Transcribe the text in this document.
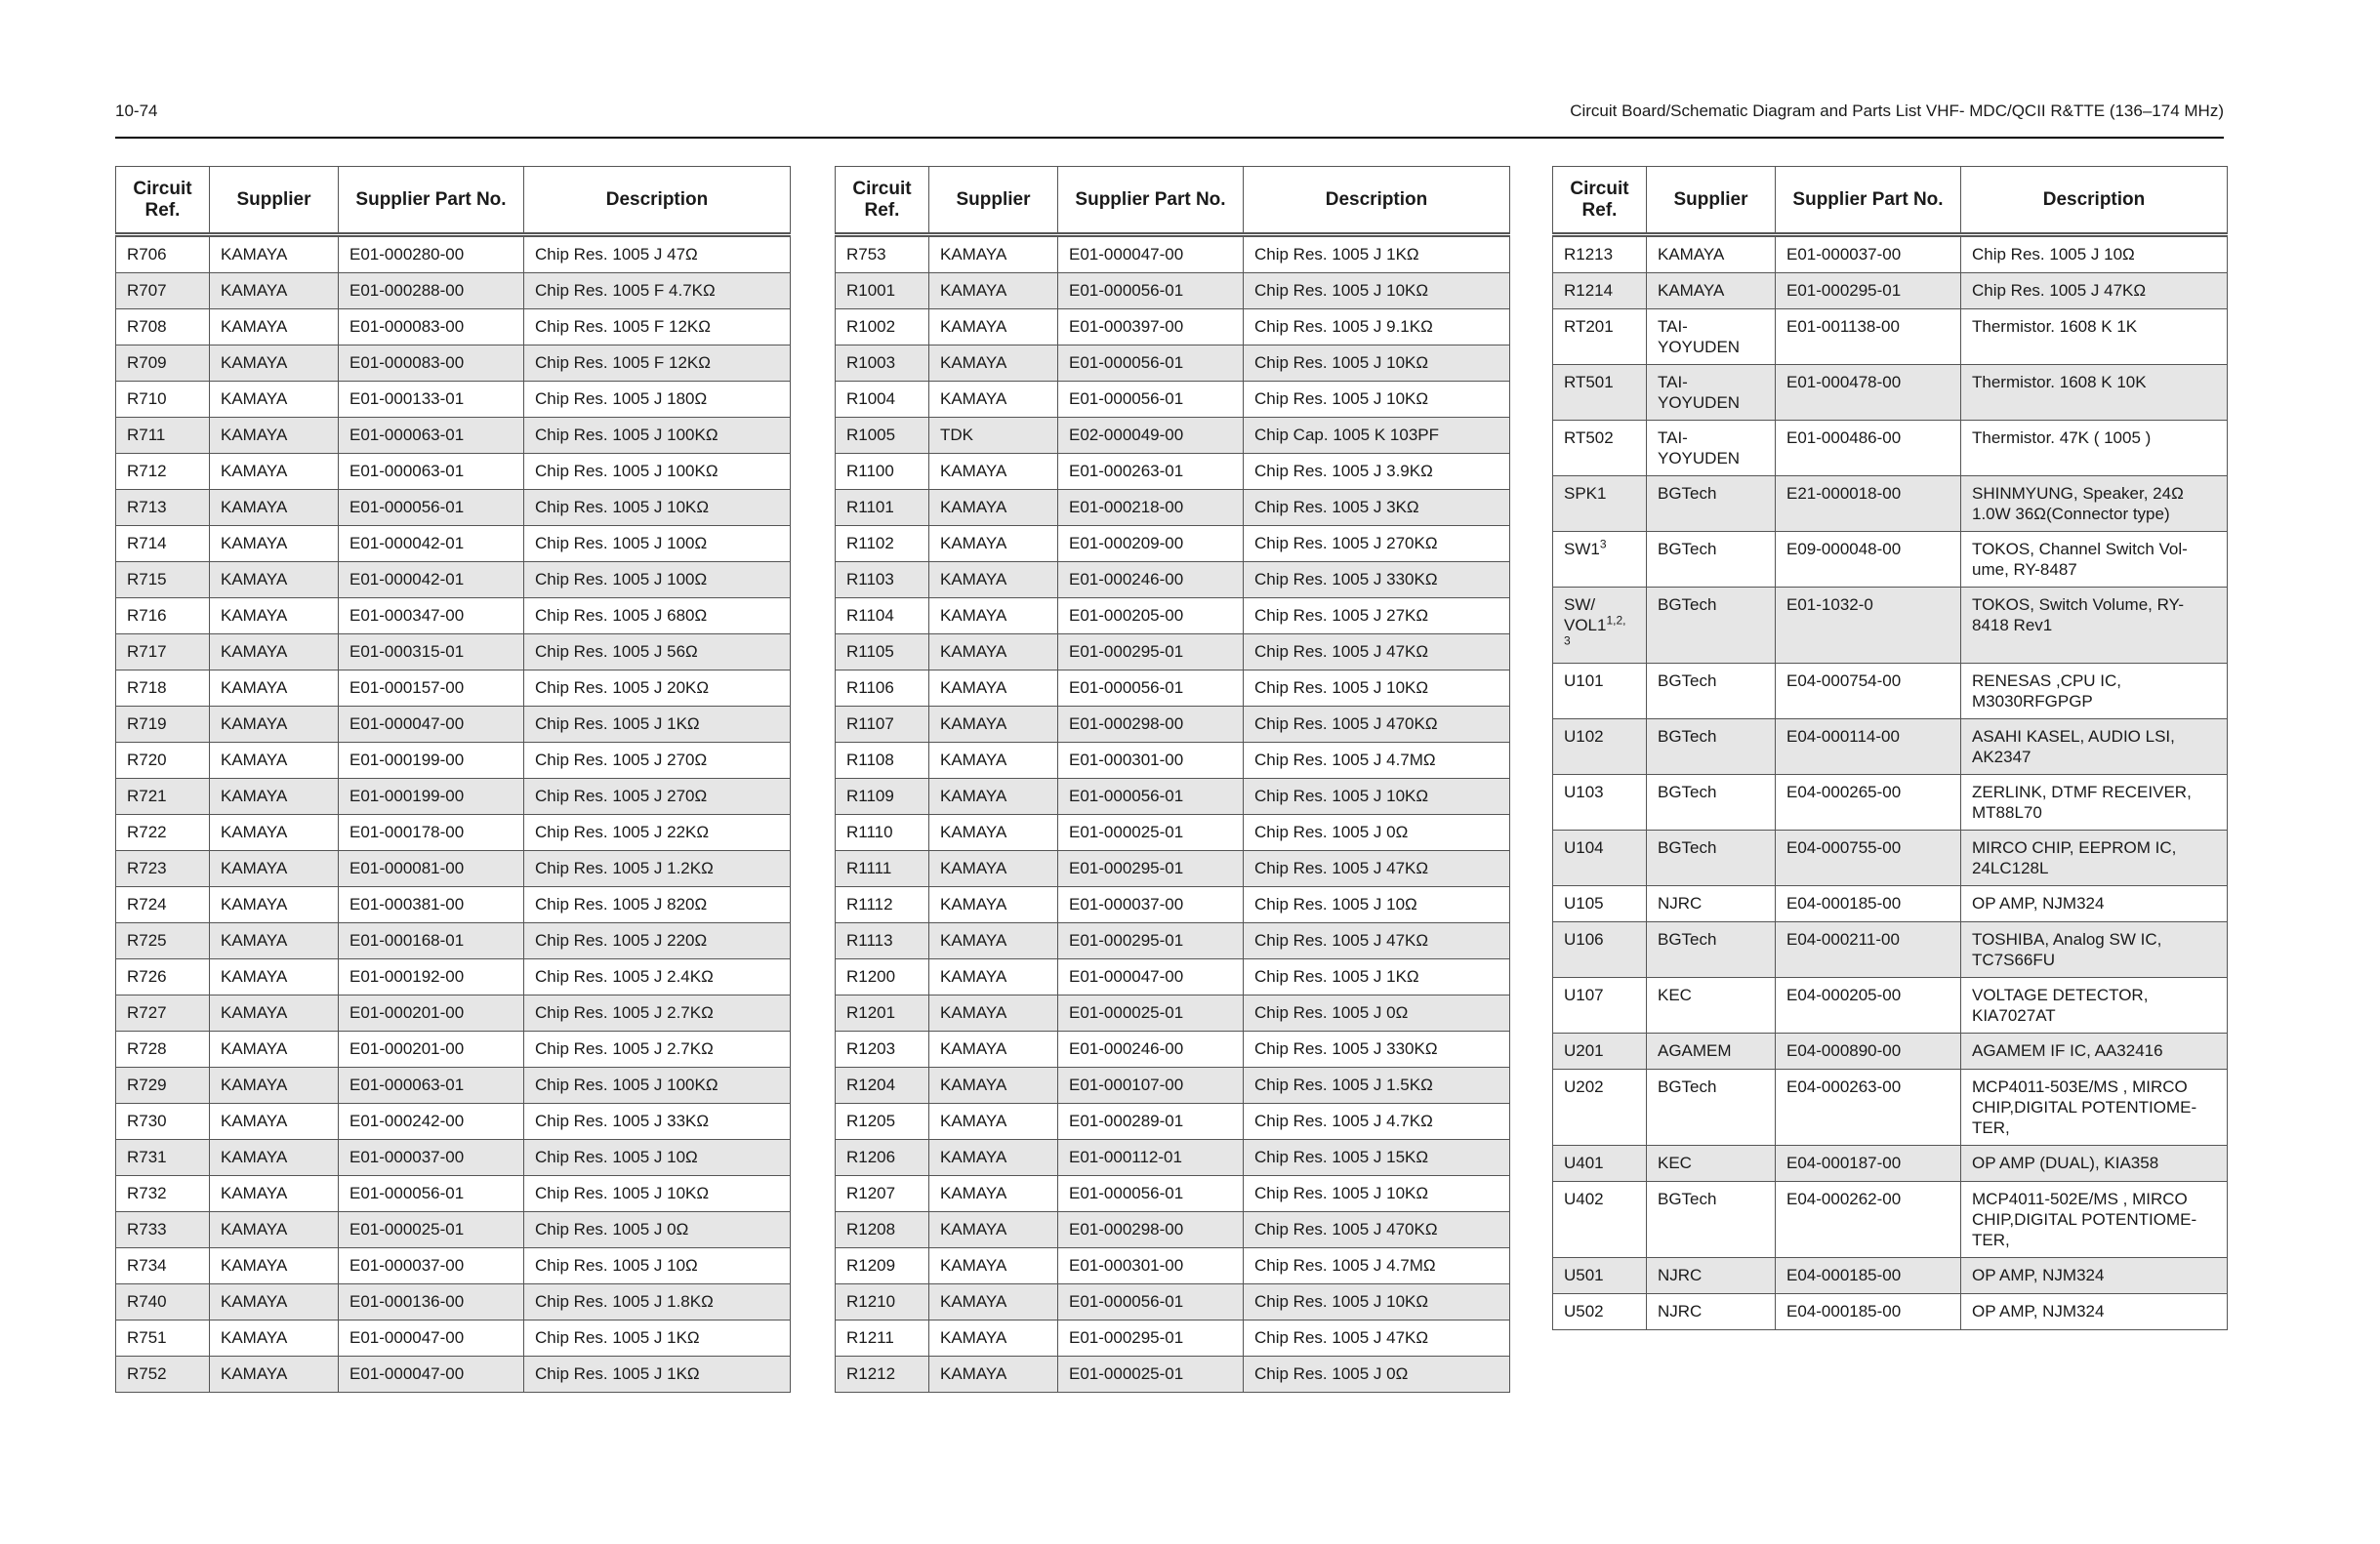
10-74	Circuit Board/Schematic Diagram and Parts List VHF- MDC/QCII R&TTE (136–174 MHz)
Circuit Ref.	Supplier	Supplier Part No.	Description
R706	KAMAYA	E01-000280-00	Chip Res. 1005 J 47Ω
R707	KAMAYA	E01-000288-00	Chip Res. 1005 F 4.7KΩ
R708	KAMAYA	E01-000083-00	Chip Res. 1005 F 12KΩ
R709	KAMAYA	E01-000083-00	Chip Res. 1005 F 12KΩ
R710	KAMAYA	E01-000133-01	Chip Res. 1005 J 180Ω
R711	KAMAYA	E01-000063-01	Chip Res. 1005 J 100KΩ
R712	KAMAYA	E01-000063-01	Chip Res. 1005 J 100KΩ
R713	KAMAYA	E01-000056-01	Chip Res. 1005 J 10KΩ
R714	KAMAYA	E01-000042-01	Chip Res. 1005 J 100Ω
R715	KAMAYA	E01-000042-01	Chip Res. 1005 J 100Ω
R716	KAMAYA	E01-000347-00	Chip Res. 1005 J 680Ω
R717	KAMAYA	E01-000315-01	Chip Res. 1005 J 56Ω
R718	KAMAYA	E01-000157-00	Chip Res. 1005 J 20KΩ
R719	KAMAYA	E01-000047-00	Chip Res. 1005 J 1KΩ
R720	KAMAYA	E01-000199-00	Chip Res. 1005 J 270Ω
R721	KAMAYA	E01-000199-00	Chip Res. 1005 J 270Ω
R722	KAMAYA	E01-000178-00	Chip Res. 1005 J 22KΩ
R723	KAMAYA	E01-000081-00	Chip Res. 1005 J 1.2KΩ
R724	KAMAYA	E01-000381-00	Chip Res. 1005 J 820Ω
R725	KAMAYA	E01-000168-01	Chip Res. 1005 J 220Ω
R726	KAMAYA	E01-000192-00	Chip Res. 1005 J 2.4KΩ
R727	KAMAYA	E01-000201-00	Chip Res. 1005 J 2.7KΩ
R728	KAMAYA	E01-000201-00	Chip Res. 1005 J 2.7KΩ
R729	KAMAYA	E01-000063-01	Chip Res. 1005 J 100KΩ
R730	KAMAYA	E01-000242-00	Chip Res. 1005 J 33KΩ
R731	KAMAYA	E01-000037-00	Chip Res. 1005 J 10Ω
R732	KAMAYA	E01-000056-01	Chip Res. 1005 J 10KΩ
R733	KAMAYA	E01-000025-01	Chip Res. 1005 J 0Ω
R734	KAMAYA	E01-000037-00	Chip Res. 1005 J 10Ω
R740	KAMAYA	E01-000136-00	Chip Res. 1005 J 1.8KΩ
R751	KAMAYA	E01-000047-00	Chip Res. 1005 J 1KΩ
R752	KAMAYA	E01-000047-00	Chip Res. 1005 J 1KΩ
Circuit Ref.	Supplier	Supplier Part No.	Description
R753	KAMAYA	E01-000047-00	Chip Res. 1005 J 1KΩ
R1001	KAMAYA	E01-000056-01	Chip Res. 1005 J 10KΩ
R1002	KAMAYA	E01-000397-00	Chip Res. 1005 J 9.1KΩ
R1003	KAMAYA	E01-000056-01	Chip Res. 1005 J 10KΩ
R1004	KAMAYA	E01-000056-01	Chip Res. 1005 J 10KΩ
R1005	TDK	E02-000049-00	Chip Cap. 1005 K 103PF
R1100	KAMAYA	E01-000263-01	Chip Res. 1005 J 3.9KΩ
R1101	KAMAYA	E01-000218-00	Chip Res. 1005 J 3KΩ
R1102	KAMAYA	E01-000209-00	Chip Res. 1005 J 270KΩ
R1103	KAMAYA	E01-000246-00	Chip Res. 1005 J 330KΩ
R1104	KAMAYA	E01-000205-00	Chip Res. 1005 J 27KΩ
R1105	KAMAYA	E01-000295-01	Chip Res. 1005 J 47KΩ
R1106	KAMAYA	E01-000056-01	Chip Res. 1005 J 10KΩ
R1107	KAMAYA	E01-000298-00	Chip Res. 1005 J 470KΩ
R1108	KAMAYA	E01-000301-00	Chip Res. 1005 J 4.7MΩ
R1109	KAMAYA	E01-000056-01	Chip Res. 1005 J 10KΩ
R1110	KAMAYA	E01-000025-01	Chip Res. 1005 J 0Ω
R1111	KAMAYA	E01-000295-01	Chip Res. 1005 J 47KΩ
R1112	KAMAYA	E01-000037-00	Chip Res. 1005 J 10Ω
R1113	KAMAYA	E01-000295-01	Chip Res. 1005 J 47KΩ
R1200	KAMAYA	E01-000047-00	Chip Res. 1005 J 1KΩ
R1201	KAMAYA	E01-000025-01	Chip Res. 1005 J 0Ω
R1203	KAMAYA	E01-000246-00	Chip Res. 1005 J 330KΩ
R1204	KAMAYA	E01-000107-00	Chip Res. 1005 J 1.5KΩ
R1205	KAMAYA	E01-000289-01	Chip Res. 1005 J 4.7KΩ
R1206	KAMAYA	E01-000112-01	Chip Res. 1005 J 15KΩ
R1207	KAMAYA	E01-000056-01	Chip Res. 1005 J 10KΩ
R1208	KAMAYA	E01-000298-00	Chip Res. 1005 J 470KΩ
R1209	KAMAYA	E01-000301-00	Chip Res. 1005 J 4.7MΩ
R1210	KAMAYA	E01-000056-01	Chip Res. 1005 J 10KΩ
R1211	KAMAYA	E01-000295-01	Chip Res. 1005 J 47KΩ
R1212	KAMAYA	E01-000025-01	Chip Res. 1005 J 0Ω
Circuit Ref.	Supplier	Supplier Part No.	Description
R1213	KAMAYA	E01-000037-00	Chip Res. 1005 J 10Ω
R1214	KAMAYA	E01-000295-01	Chip Res. 1005 J 47KΩ
RT201	TAI-YOYUDEN	E01-001138-00	Thermistor. 1608 K 1K
RT501	TAI-YOYUDEN	E01-000478-00	Thermistor. 1608 K 10K
RT502	TAI-YOYUDEN	E01-000486-00	Thermistor. 47K ( 1005 )
SPK1	BGTech	E21-000018-00	SHINMYUNG, Speaker, 24Ω 1.0W 36Ω(Connector type)
$SW1^3$	BGTech	E09-000048-00	TOKOS, Channel Switch Vol-ume, RY-8487
SW/ VOL1$^{1,2, 3}$	BGTech	E01-1032-0	TOKOS, Switch Volume, RY-8418 Rev1
U101	BGTech	E04-000754-00	RENESAS ,CPU IC, M3030RFGPGP
U102	BGTech	E04-000114-00	ASAHI KASEL, AUDIO LSI, AK2347
U103	BGTech	E04-000265-00	ZERLINK, DTMF RECEIVER, MT88L70
U104	BGTech	E04-000755-00	MIRCO CHIP, EEPROM IC, 24LC128L
U105	NJRC	E04-000185-00	OP AMP, NJM324
U106	BGTech	E04-000211-00	TOSHIBA, Analog SW IC, TC7S66FU
U107	KEC	E04-000205-00	VOLTAGE DETECTOR, KIA7027AT
U201	AGAMEM	E04-000890-00	AGAMEM IF IC, AA32416
U202	BGTech	E04-000263-00	MCP4011-503E/MS , MIRCO CHIP,DIGITAL POTENTIOME-TER,
U401	KEC	E04-000187-00	OP AMP (DUAL), KIA358
U402	BGTech	E04-000262-00	MCP4011-502E/MS , MIRCO CHIP,DIGITAL POTENTIOME-TER,
U501	NJRC	E04-000185-00	OP AMP, NJM324
U502	NJRC	E04-000185-00	OP AMP, NJM324
